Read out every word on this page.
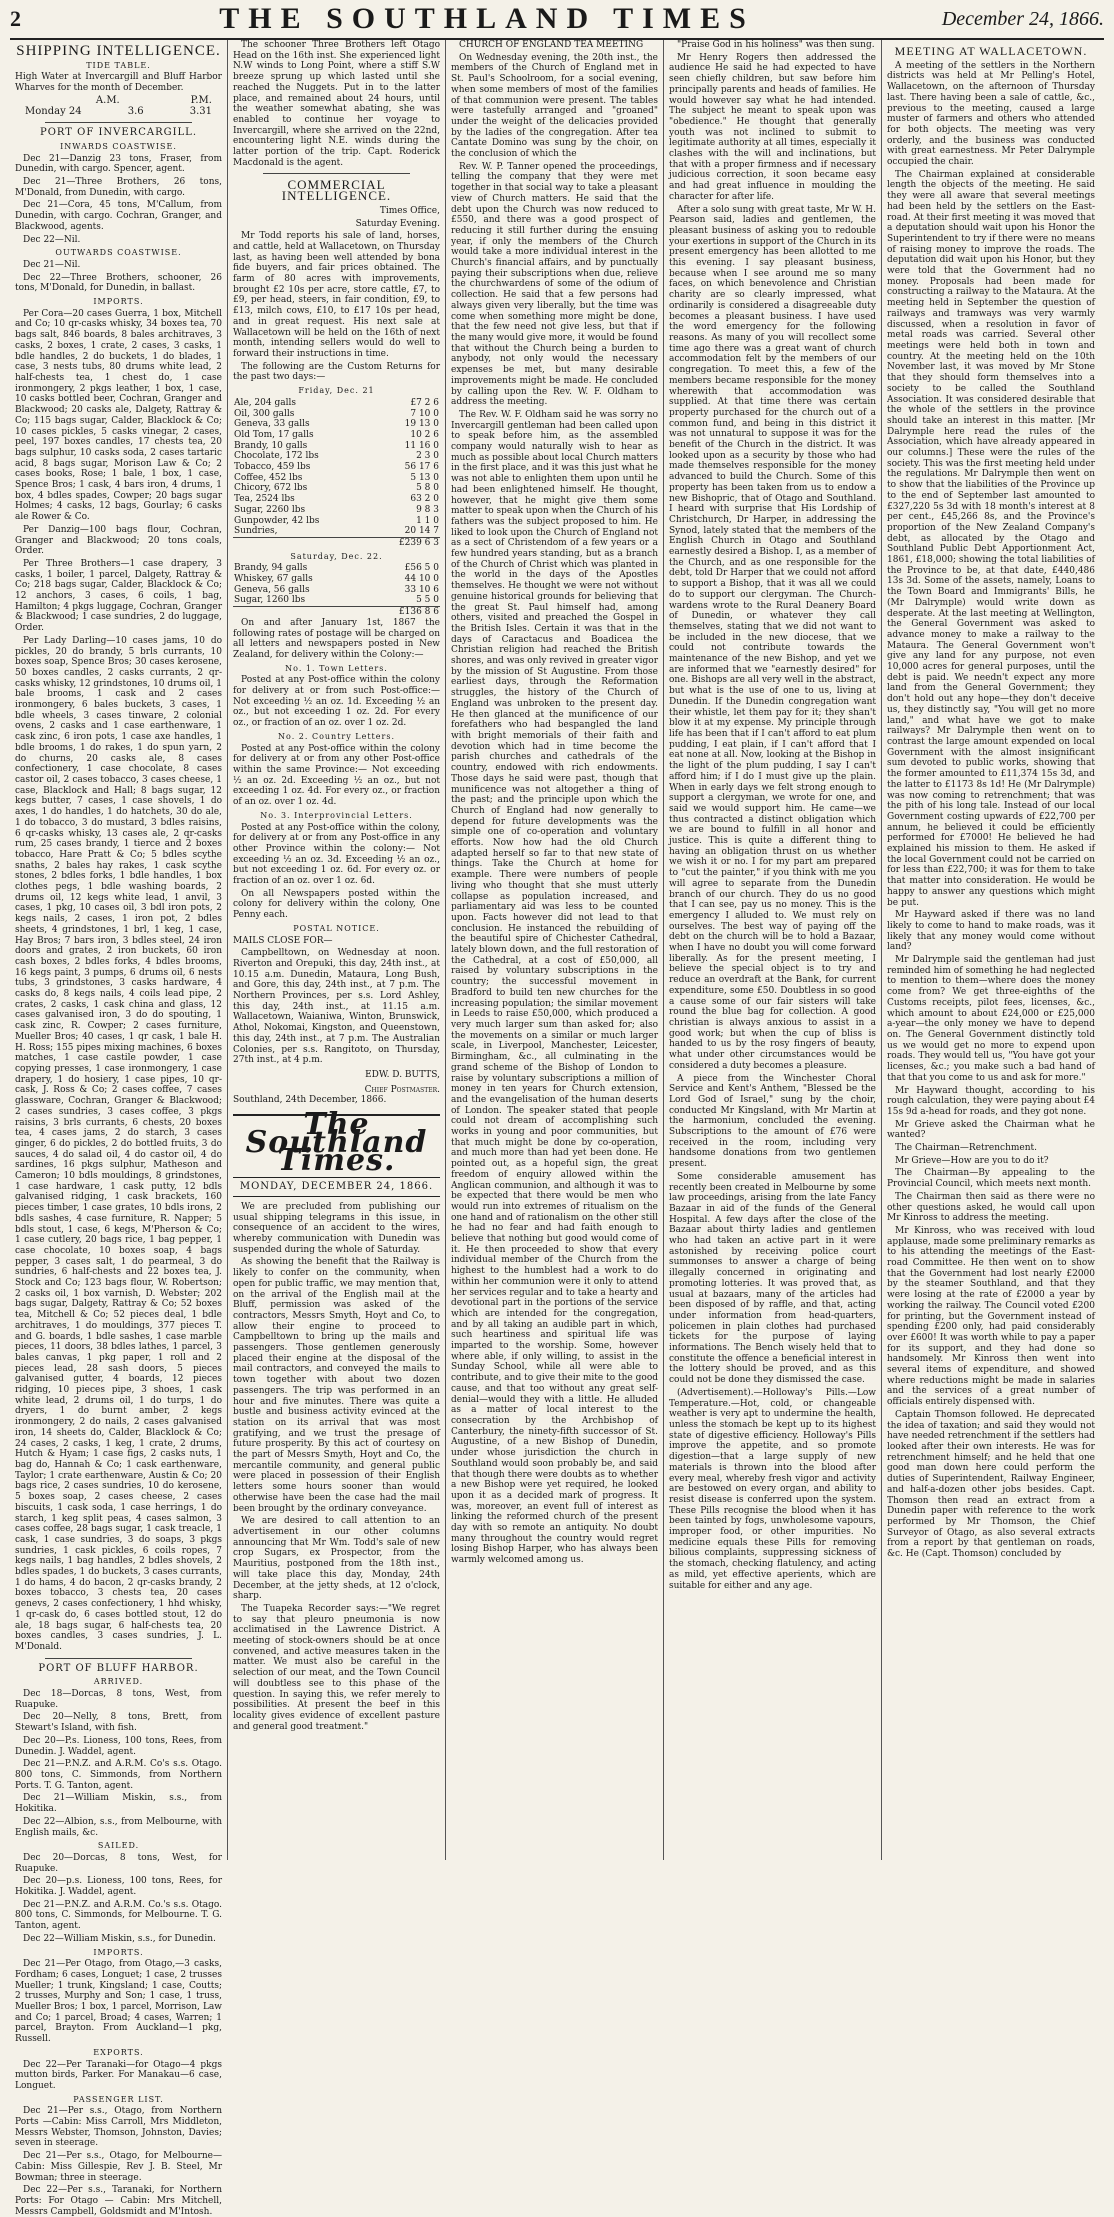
2	THE SOUTHLAND TIMES	December 24, 1866.
SHIPPING INTELLIGENCE.
TIDE TABLE.

High Water at Invercargill and Bluff Harbor Wharves for the month of December.

A.M.	P.M.
Monday 24	3.6	3.31
PORT OF INVERCARGILL.
INWARDS COASTWISE.

Dec 21—Danzig 23 tons, Fraser, from Dunedin, with cargo. Spencer, agent.

Dec 21—Three Brothers, 26 tons, M'Donald, from Dunedin, with cargo.

Dec 21—Cora, 45 tons, M'Callum, from Dunedin, with cargo. Cochran, Granger, and Blackwood, agents.

Dec 22—Nil.

OUTWARDS COASTWISE.

Dec 21—Nil.

Dec 22—Three Brothers, schooner, 26 tons, M'Donald, for Dunedin, in ballast.

IMPORTS.

Per Cora—20 cases Guerra, 1 box, Mitchell and Co; 10 qr-casks whisky, 34 boxes tea, 70 bags salt, 846 boards, 8 bales architraves, 3 casks, 2 boxes, 1 crate, 2 cases, 3 casks, 1 bdle handles, 2 do buckets, 1 do blades, 1 case, 3 nests tubs, 80 drums white lead, 2 half-chests tea, 1 chest do, 1 case ironmongery, 2 pkgs leather, 1 box, 1 case, 10 casks bottled beer, Cochran, Granger and Blackwood; 20 casks ale, Dalgety, Rattray & Co; 115 bags sugar, Calder, Blacklock & Co; 10 cases pickles, 5 casks vinegar, 2 cases, peel, 197 boxes candles, 17 chests tea, 20 bags sulphur, 10 casks soda, 2 cases tartaric acid, 8 bags sugar, Morison Law & Co; 2 cases books, Rose; 1 bale, 1 box, 1 case, Spence Bros; 1 cask, 4 bars iron, 4 drums, 1 box, 4 bdles spades, Cowper; 20 bags sugar Holmes; 4 casks, 12 bags, Gourlay; 6 casks ale Rower & Co.

Per Danzig—100 bags flour, Cochran, Granger and Blackwood; 20 tons coals, Order.

Per Three Brothers—1 case drapery, 3 casks, 1 boiler, 1 parcel, Dalgety, Rattray & Co; 218 bags sugar, Calder, Blacklock & Co; 12 anchors, 3 cases, 6 coils, 1 bag, Hamilton; 4 pkgs luggage, Cochran, Granger & Blackwood; 1 case sundries, 2 do luggage, Order.

Per Lady Darling—10 cases jams, 10 do pickles, 20 do brandy, 5 brls currants, 10 boxes soap, Spence Bros; 30 cases kerosene, 50 boxes candles, 2 casks currants, 2 qr-casks whisky, 12 grindstones, 10 drums oil, 1 bale brooms, 1 cask and 2 cases ironmongery, 6 bales buckets, 3 cases, 1 bdle wheels, 3 cases tinware, 2 colonial ovens, 2 casks and 1 case earthenware, 1 cask zinc, 6 iron pots, 1 case axe handles, 1 bdle brooms, 1 do rakes, 1 do spun yarn, 2 do churns, 20 casks ale, 8 cases confectionery, 1 case chocolate, 8 cases castor oil, 2 cases tobacco, 3 cases cheese, 1 case, Blacklock and Hall; 8 bags sugar, 12 kegs butter, 7 cases, 1 case shovels, 1 do axes, 1 do handles, 1 do hatchets, 30 do ale, 1 do tobacco, 3 do mustard, 3 bdles raisins, 6 qr-casks whisky, 13 cases ale, 2 qr-casks rum, 25 cases brandy, 1 tierce and 2 boxes tobacco, Hare Pratt & Co; 5 bdles scythe snaths, 2 bales hay rakes, 1 cask scythe stones, 2 bdles forks, 1 bdle handles, 1 box clothes pegs, 1 bdle washing boards, 2 drums oil, 12 kegs white lead, 1 anvil, 3 cases, 1 pkg, 10 cases oil, 3 bdl iron pots, 2 kegs nails, 2 cases, 1 iron pot, 2 bdles sheets, 4 grindstones, 1 brl, 1 keg, 1 case, Hay Bros; 7 bars iron, 3 bdles steel, 24 iron doors and grates, 2 iron buckets, 60 iron cash boxes, 2 bdles forks, 4 bdles brooms, 16 kegs paint, 3 pumps, 6 drums oil, 6 nests tubs, 3 grindstones, 3 casks hardware, 4 casks do, 8 kegs nails, 4 coils lead pipe, 2 crates, 2 casks, 1 cask china and glass, 12 cases galvanised iron, 3 do do spouting, 1 cask zinc, R. Cowper; 2 cases furniture, Mueller Bros; 40 cases, 1 qr cask, 1 bale H. H. Ross; 155 pipes mixing machines, 6 boxes matches, 1 case castile powder, 1 case copying presses, 1 case ironmongery, 1 case drapery, 1 do hosiery, 1 case pipes, 10 qr-cask, J. Ross & Co; 2 cases coffee, 7 cases glassware, Cochran, Granger & Blackwood; 2 cases sundries, 3 cases coffee, 3 pkgs raisins, 3 brls currants, 6 chests, 20 boxes tea, 4 cases jams, 2 do starch, 3 cases ginger, 6 do pickles, 2 do bottled fruits, 3 do sauces, 4 do salad oil, 4 do castor oil, 4 do sardines, 16 pkgs sulphur, Matheson and Cameron; 10 bdls mouldings, 8 grindstones, 1 case hardware, 1 cask putty, 12 bdls galvanised ridging, 1 cask brackets, 160 pieces timber, 1 case grates, 10 bdls irons, 2 bdls sashes, 4 case furniture, R. Napper; 5 bdls stout, 1 case, 6 kegs, M'Pherson & Co; 1 case cutlery, 20 bags rice, 1 bag pepper, 1 case chocolate, 10 boxes soap, 4 bags pepper, 3 cases salt, 1 do pearmeal, 3 do sundries, 6 half-chests and 22 boxes tea, J. Stock and Co; 123 bags flour, W. Robertson; 2 casks oil, 1 box varnish, D. Webster; 202 bags sugar, Dalgety, Rattray & Co; 52 boxes tea, Mitchell & Co; 52 pieces deal, 1 bdle architraves, 1 do mouldings, 377 pieces T. and G. boards, 1 bdle sashes, 1 case marble pieces, 11 doors, 38 bdles lathes, 1 parcel, 3 bales canvas, 1 pkg paper, 1 roll and 2 pieces lead, 28 sash doors, 5 pieces galvanised gutter, 4 boards, 12 pieces ridging, 10 pieces pipe, 3 shoes, 1 cask white lead, 2 drums oil, 1 do turps, 1 do dryers, 1 do burnt amber, 2 kegs ironmongery, 2 do nails, 2 cases galvanised iron, 14 sheets do, Calder, Blacklock & Co; 24 cases, 2 casks, 1 keg, 1 crate, 2 drums, Hutch & Hyam; 1 case figs, 2 casks nuts, 1 bag do, Hannah & Co; 1 cask earthenware, Taylor; 1 crate earthenware, Austin & Co; 20 bags rice, 2 cases sundries, 10 do kerosene, 5 boxes soap, 2 cases cheese, 2 cases biscuits, 1 cask soda, 1 case herrings, 1 do starch, 1 keg split peas, 4 cases salmon, 3 cases coffee, 28 bags sugar, 1 cask treacle, 1 cask, 1 case sundries, 3 do soaps, 3 pkgs sundries, 1 cask pickles, 6 coils ropes, 7 kegs nails, 1 bag handles, 2 bdles shovels, 2 bdles spades, 1 do buckets, 3 cases currants, 1 do hams, 4 do bacon, 2 qr-casks brandy, 2 boxes tobacco, 3 chests tea, 20 cases genevs, 2 cases confectionery, 1 hhd whisky, 1 qr-cask do, 6 cases bottled stout, 12 do ale, 18 bags sugar, 6 half-chests tea, 20 boxes candles, 3 cases sundries, J. L. M'Donald.

PORT OF BLUFF HARBOR.
ARRIVED.

Dec 18—Dorcas, 8 tons, West, from Ruapuke.

Dec 20—Nelly, 8 tons, Brett, from Stewart's Island, with fish.

Dec 20—P.s. Lioness, 100 tons, Rees, from Dunedin. J. Waddel, agent.

Dec 21—P.N.Z. and A.R.M. Co's s.s. Otago. 800 tons, C. Simmonds, from Northern Ports. T. G. Tanton, agent.

Dec 21—William Miskin, s.s., from Hokitika.

Dec 22—Albion, s.s., from Melbourne, with English mails, &c.

SAILED.

Dec 20—Dorcas, 8 tons, West, for Ruapuke.

Dec 20—p.s. Lioness, 100 tons, Rees, for Hokitika. J. Waddel, agent.

Dec 21—P.N.Z. and A.R.M. Co.'s s.s. Otago. 800 tons, C. Simmonds, for Melbourne. T. G. Tanton, agent.

Dec 22—William Miskin, s.s., for Dunedin.

IMPORTS.

Dec 21—Per Otago, from Otago,—3 casks, Fordham; 6 cases, Longuet; 1 case, 2 trusses Mueller; 1 trunk, Kingsland; 1 case, Coutts; 2 trusses, Murphy and Son; 1 case, 1 truss, Mueller Bros; 1 box, 1 parcel, Morrison, Law and Co; 1 parcel, Broad; 4 cases, Warren; 1 parcel, Brayton. From Auckland—1 pkg, Russell.

EXPORTS.

Dec 22—Per Taranaki—for Otago—4 pkgs mutton birds, Parker. For Manakau—6 case, Longuet.

PASSENGER LIST.

Dec 21—Per s.s., Otago, from Northern Ports —Cabin: Miss Carroll, Mrs Middleton, Messrs Webster, Thomson, Johnston, Davies; seven in steerage.

Dec 21—Per s.s., Otago, for Melbourne—Cabin: Miss Gillespie, Rev J. B. Steel, Mr Bowman; three in steerage.

Dec 22—Per s.s., Taranaki, for Northern Ports: For Otago — Cabin: Mrs Mitchell, Messrs Campbell, Goldsmidt and M'Intosh.

The schooner Three Brothers left Otago Head on the 16th inst. She experienced light N.W winds to Long Point, where a stiff S.W breeze sprung up which lasted until she reached the Nuggets. Put in to the latter place, and remained about 24 hours, until the weather somewhat abating, she was enabled to continue her voyage to Invercargill, where she arrived on the 22nd, encountering light N.E. winds during the latter portion of the trip. Capt. Roderick Macdonald is the agent.

COMMERCIAL INTELLIGENCE.

Times Office,

Saturday Evening.

Mr Todd reports his sale of land, horses, and cattle, held at Wallacetown, on Thursday last, as having been well attended by bona fide buyers, and fair prices obtained. The farm of 80 acres with improvements, brought £2 10s per acre, store cattle, £7, to £9, per head, steers, in fair condition, £9, to £13, milch cows, £10, to £17 10s per head, and in great request. His next sale at Wallacetown will be held on the 16th of next month, intending sellers would do well to forward their instructions in time.

The following are the Custom Returns for the past two days:—

Friday, Dec. 21
Ale, 204 galls	£7 2 6
Oil, 300 galls	7 10 0
Geneva, 33 galls	19 13 0
Old Tom, 17 galls	10 2 6
Brandy, 10 galls	11 16 0
Chocolate, 172 lbs	2 3 0
Tobacco, 459 lbs	56 17 6
Coffee, 452 lbs	5 13 0
Chicory, 672 lbs	5 8 0
Tea, 2524 lbs	63 2 0
Sugar, 2260 lbs	9 8 3
Gunpowder, 42 lbs	1 1 0
Sundries,	20 14 7
	£239 6 3
Saturday, Dec. 22.
Brandy, 94 galls	£56 5 0
Whiskey, 67 galls	44 10 0
Geneva, 56 galls	33 10 6
Sugar, 1260 lbs	5 5 0
	£136 8 6

On and after January 1st, 1867 the following rates of postage will be charged on all letters and newspapers posted in New Zealand, for delivery within the Colony:—

No. 1. Town Letters.

Posted at any Post-office within the colony for delivery at or from such Post-office:— Not exceeding ½ an oz. 1d. Exceeding ½ an oz., but not exceeding 1 oz. 2d. For every oz., or fraction of an oz. over 1 oz. 2d.

No. 2. Country Letters.

Posted at any Post-office within the colony for delivery at or from any other Post-office within the same Province:— Not exceeding ½ an oz. 2d. Exceeding ½ an oz., but not exceeding 1 oz. 4d. For every oz., or fraction of an oz. over 1 oz. 4d.

No. 3. Interprovincial Letters.

Posted at any Post-office within the colony, for delivery at or from any Post-office in any other Province within the colony:— Not exceeding ½ an oz. 3d. Exceeding ½ an oz., but not exceeding 1 oz. 6d. For every oz. or fraction of an oz. over 1 oz. 6d.

On all Newspapers posted within the colony for delivery within the colony, One Penny each.

POSTAL NOTICE.

MAILS CLOSE FOR—

Campbelltown, on Wednesday at noon. Riverton and Orepuki, this day, 24th inst., at 10.15 a.m. Dunedin, Mataura, Long Bush, and Gore, this day, 24th inst., at 7 p.m. The Northern Provinces, per s.s. Lord Ashley, this day, 24th inst., at 11.15 a.m. Wallacetown, Waianiwa, Winton, Brunswick, Athol, Nokomai, Kingston, and Queenstown, this day, 24th inst., at 7 p.m. The Australian Colonies, per s.s. Rangitoto, on Thursday, 27th inst., at 4 p.m.

EDW. D. BUTTS,
Chief Postmaster.

Southland, 24th December, 1866.

The Southland Times.
MONDAY, DECEMBER 24, 1866.

We are precluded from publishing our usual shipping telegrams in this issue, in consequence of an accident to the wires, whereby communication with Dunedin was suspended during the whole of Saturday.

As showing the benefit that the Railway is likely to confer on the community, when open for public traffic, we may mention that, on the arrival of the English mail at the Bluff, permission was asked of the contractors, Messrs Smyth, Hoyt and Co, to allow their engine to proceed to Campbelltown to bring up the mails and passengers. Those gentlemen generously placed their engine at the disposal of the mail contractors, and conveyed the mails to town together with about two dozen passengers. The trip was performed in an hour and five minutes. There was quite a bustle and business activity evinced at the station on its arrival that was most gratifying, and we trust the presage of future prosperity. By this act of courtesy on the part of Messrs Smyth, Hoyt and Co, the mercantile community, and general public were placed in possession of their English letters some hours sooner than would otherwise have been the case had the mail been brought by the ordinary conveyance.

We are desired to call attention to an advertisement in our other columns announcing that Mr Wm. Todd's sale of new crop Sugars, ex Prospector, from the Mauritius, postponed from the 18th inst., will take place this day, Monday, 24th December, at the jetty sheds, at 12 o'clock, sharp.

The Tuapeka Recorder says:—"We regret to say that pleuro pneumonia is now acclimatised in the Lawrence District. A meeting of stock-owners should be at once convened, and active measures taken in the matter. We must also be careful in the selection of our meat, and the Town Council will doubtless see to this phase of the question. In saying this, we refer merely to possibilities. At present the beef in this locality gives evidence of excellent pasture and general good treatment."

CHURCH OF ENGLAND TEA MEETING

On Wednesday evening, the 20th inst., the members of the Church of England met in St. Paul's Schoolroom, for a social evening, when some members of most of the families of that communion were present. The tables were tastefully arranged and "groaned" under the weight of the delicacies provided by the ladies of the congregation. After tea Cantate Domino was sung by the choir, on the conclusion of which the

Rev. W. P. Tanner opened the proceedings, telling the company that they were met together in that social way to take a pleasant view of Church matters. He said that the debt upon the Church was now reduced to £550, and there was a good prospect of reducing it still further during the ensuing year, if only the members of the Church would take a more individual interest in the Church's financial affairs, and by punctually paying their subscriptions when due, relieve the churchwardens of some of the odium of collection. He said that a few persons had always given very liberally, but the time was come when something more might be done, that the few need not give less, but that if the many would give more, it would be found that without the Church being a burden to anybody, not only would the necessary expenses be met, but many desirable improvements might be made. He concluded by calling upon the Rev. W. F. Oldham to address the meeting.

The Rev. W. F. Oldham said he was sorry no Invercargill gentleman had been called upon to speak before him, as the assembled company would naturally wish to hear as much as possible about local Church matters in the first place, and it was this just what he was not able to enlighten them upon until he had been enlightened himself. He thought, however, that he might give them some matter to speak upon when the Church of his fathers was the subject proposed to him. He liked to look upon the Church of England not as a sect of Christendom of a few years or a few hundred years standing, but as a branch of the Church of Christ which was planted in the world in the days of the Apostles themselves. He thought we were not without genuine historical grounds for believing that the great St. Paul himself had, among others, visited and preached the Gospel in the British Isles. Certain it was that in the days of Caractacus and Boadicea the Christian religion had reached the British shores, and was only revived in greater vigor by the mission of St Augustine. From those earliest days, through the Reformation struggles, the history of the Church of England was unbroken to the present day. He then glanced at the munificence of our forefathers who had bespangled the land with bright memorials of their faith and devotion which had in time become the parish churches and cathedrals of the country, endowed with rich endowments. Those days he said were past, though that munificence was not altogether a thing of the past; and the principle upon which the Church of England had now generally to depend for future developments was the simple one of co-operation and voluntary efforts. Now how had the old Church adapted herself so far to that new state of things. Take the Church at home for example. There were numbers of people living who thought that she must utterly collapse as population increased, and parliamentary aid was less to be counted upon. Facts however did not lead to that conclusion. He instanced the rebuilding of the beautiful spire of Chichester Cathedral, lately blown down, and the full restoration of the Cathedral, at a cost of £50,000, all raised by voluntary subscriptions in the country; the successful movement in Bradford to build ten new churches for the increasing population; the similar movement in Leeds to raise £50,000, which produced a very much larger sum than asked for; also the movements on a similar or much larger scale, in Liverpool, Manchester, Leicester, Birmingham, &c., all culminating in the grand scheme of the Bishop of London to raise by voluntary subscriptions a million of money in ten years for Church extension, and the evangelisation of the human deserts of London. The speaker stated that people could not dream of accomplishing such works in young and poor communities, but that much might be done by co-operation, and much more than had yet been done. He pointed out, as a hopeful sign, the great freedom of enquiry allowed within the Anglican communion, and although it was to be expected that there would be men who would run into extremes of ritualism on the one hand and of rationalism on the other still he had no fear and had faith enough to believe that nothing but good would come of it. He then proceeded to show that every individual member of the Church from the highest to the humblest had a work to do within her communion were it only to attend her services regular and to take a hearty and devotional part in the portions of the service which are intended for the congregation, and by all taking an audible part in which, such heartiness and spiritual life was imparted to the worship. Some, however where able, if only willing, to assist in the Sunday School, while all were able to contribute, and to give their mite to the good cause, and that too without any great self-denial—would they with a little. He alluded as a matter of local interest to the consecration by the Archbishop of Canterbury, the ninety-fifth successor of St. Augustine, of a new Bishop of Dunedin, under whose jurisdiction the church in Southland would soon probably be, and said that though there were doubts as to whether a new Bishop were yet required, he looked upon it as a decided mark of progress. It was, moreover, an event full of interest as linking the reformed church of the present day with so remote an antiquity. No doubt many throughout the country would regret losing Bishop Harper, who has always been warmly welcomed among us.

"Praise God in his holiness" was then sung.

Mr Henry Rogers then addressed the audience He said he had expected to have seen chiefly children, but saw before him principally parents and heads of families. He would however say what he had intended. The subject he meant to speak upon was "obedience." He thought that generally youth was not inclined to submit to legitimate authority at all times, especially it clashes with the will and inclinations, but that with a proper firmness and if necessary judicious correction, it soon became easy and had great influence in moulding the character for after life.

After a solo sung with great taste, Mr W. H. Pearson said, ladies and gentlemen, the pleasant business of asking you to redouble your exertions in support of the Church in its present emergency has been allotted to me this evening. I say pleasant business, because when I see around me so many faces, on which benevolence and Christian charity are so clearly impressed, what ordinarily is considered a disagreeable duty becomes a pleasant business. I have used the word emergency for the following reasons. As many of you will recollect some time ago there was a great want of church accommodation felt by the members of our congregation. To meet this, a few of the members became responsible for the money wherewith that accommodation was supplied. At that time there was certain property purchased for the church out of a common fund, and being in this district it was not unnatural to suppose it was for the benefit of the Church in the district. It was looked upon as a security by those who had made themselves responsible for the money advanced to build the Church. Some of this property has been taken from us to endow a new Bishopric, that of Otago and Southland. I heard with surprise that His Lordship of Christchurch, Dr Harper, in addressing the Synod, lately stated that the members of the English Church in Otago and Southland earnestly desired a Bishop. I, as a member of the Church, and as one responsible for the debt, told Dr Harper that we could not afford to support a Bishop, that it was all we could do to support our clergyman. The Church-wardens wrote to the Rural Deanery Board of Dunedin, or whatever they call themselves, stating that we did not want to be included in the new diocese, that we could not contribute towards the maintenance of the new Bishop, and yet we are informed that we "earnestly desired" for one. Bishops are all very well in the abstract, but what is the use of one to us, living at Dunedin. If the Dunedin congregation want their whistle, let them pay for it; they shan't blow it at my expense. My principle through life has been that if I can't afford to eat plum pudding, I eat plain, if I can't afford that I eat none at all. Now, looking at the Bishop in the light of the plum pudding, I say I can't afford him; if I do I must give up the plain. When in early days we felt strong enough to support a clergyman, we wrote for one, and said we would support him. He came—we thus contracted a distinct obligation which we are bound to fulfill in all honor and justice. This is quite a different thing to having an obligation thrust on us whether we wish it or no. I for my part am prepared to "cut the painter," if you think with me you will agree to separate from the Dunedin branch of our church. They do us no good that I can see, pay us no money. This is the emergency I alluded to. We must rely on ourselves. The best way of paying off the debt on the church will be to hold a Bazaar, when I have no doubt you will come forward liberally. As for the present meeting, I believe the special object is to try and reduce an overdraft at the Bank, for current expenditure, some £50. Doubtless in so good a cause some of our fair sisters will take round the blue bag for collection. A good christian is always anxious to assist in a good work; but when the cup of bliss is handed to us by the rosy fingers of beauty, what under other circumstances would be considered a duty becomes a pleasure.

A piece from the Winchester Choral Service and Kent's Anthem, "Blessed be the Lord God of Israel," sung by the choir, conducted Mr Kingsland, with Mr Martin at the harmonium, concluded the evening. Subscriptions to the amount of £76 were received in the room, including very handsome donations from two gentlemen present.

Some considerable amusement has recently been created in Melbourne by some law proceedings, arising from the late Fancy Bazaar in aid of the funds of the General Hospital. A few days after the close of the Bazaar about thirty ladies and gentlemen who had taken an active part in it were astonished by receiving police court summonses to answer a charge of being illegally concerned in originating and promoting lotteries. It was proved that, as usual at bazaars, many of the articles had been disposed of by raffle, and that, acting under information from head-quarters, policemen in plain clothes had purchased tickets for the purpose of laying informations. The Bench wisely held that to constitute the offence a beneficial interest in the lottery should be proved, and as this could not be done they dismissed the case.

(Advertisement).—Holloway's Pills.—Low Temperature.—Hot, cold, or changeable weather is very apt to undermine the health, unless the stomach be kept up to its highest state of digestive efficiency. Holloway's Pills improve the appetite, and so promote digestion—that a large supply of new materials is thrown into the blood after every meal, whereby fresh vigor and activity are bestowed on every organ, and ability to resist disease is conferred upon the system. These Pills recognise the blood when it has been tainted by fogs, unwholesome vapours, improper food, or other impurities. No medicine equals these Pills for removing bilious complaints, suppressing sickness of the stomach, checking flatulency, and acting as mild, yet effective aperients, which are suitable for either and any age.

MEETING AT WALLACETOWN.

A meeting of the settlers in the Northern districts was held at Mr Pelling's Hotel, Wallacetown, on the afternoon of Thursday last. There having been a sale of cattle, &c., previous to the meeting, caused a large muster of farmers and others who attended for both objects. The meeting was very orderly, and the business was conducted with great earnestness. Mr Peter Dalrymple occupied the chair.

The Chairman explained at considerable length the objects of the meeting. He said they were all aware that several meetings had been held by the settlers on the East-road. At their first meeting it was moved that a deputation should wait upon his Honor the Superintendent to try if there were no means of raising money to improve the roads. The deputation did wait upon his Honor, but they were told that the Government had no money. Proposals had been made for constructing a railway to the Mataura. At the meeting held in September the question of railways and tramways was very warmly discussed, when a resolution in favor of metal roads was carried. Several other meetings were held both in town and country. At the meeting held on the 10th November last, it was moved by Mr Stone that they should form themselves into a society to be called the Southland Association. It was considered desirable that the whole of the settlers in the province should take an interest in this matter. [Mr Dalrymple here read the rules of the Association, which have already appeared in our columns.] These were the rules of the society. This was the first meeting held under the regulations. Mr Dalrymple then went on to show that the liabilities of the Province up to the end of September last amounted to £327,220 5s 3d with 18 month's interest at 8 per cent., £45,266 8s, and the Province's proportion of the New Zealand Company's debt, as allocated by the Otago and Southland Public Debt Apportionment Act, 1861, £18,000; showing the total liabilities of the Province to be, at that date, £440,486 13s 3d. Some of the assets, namely, Loans to the Town Board and Immigrants' Bills, he (Mr Dalrymple) would write down as desperate. At the last meeting at Wellington, the General Government was asked to advance money to make a railway to the Mataura. The General Government won't give any land for any purpose, not even 10,000 acres for general purposes, until the debt is paid. We needn't expect any more land from the General Government; they don't hold out any hope—they don't deceive us, they distinctly say, "You will get no more land," and what have we got to make railways? Mr Dalrymple then went on to contrast the large amount expended on local Government with the almost insignificant sum devoted to public works, showing that the former amounted to £11,374 15s 3d, and the latter to £1173 8s 1d! He (Mr Dalrymple) was now coming to retrenchment; that was the pith of his long tale. Instead of our local Government costing upwards of £22,700 per annum, he believed it could be efficiently performed for £7000! He believed he had explained his mission to them. He asked if the local Government could not be carried on for less than £22,700; it was for them to take that matter into consideration. He would be happy to answer any questions which might be put.

Mr Hayward asked if there was no land likely to come to hand to make roads, was it likely that any money would come without land?

Mr Dalrymple said the gentleman had just reminded him of something he had neglected to mention to them—where does the money come from? We get three-eighths of the Customs receipts, pilot fees, licenses, &c., which amount to about £24,000 or £25,000 a-year—the only money we have to depend on. The General Government distinctly told us we would get no more to expend upon roads. They would tell us, "You have got your licenses, &c.; you make such a bad hand of that that you come to us and ask for more."

Mr Hayward thought, according to his rough calculation, they were paying about £4 15s 9d a-head for roads, and they got none.

Mr Grieve asked the Chairman what he wanted?

The Chairman—Retrenchment.

Mr Grieve—How are you to do it?

The Chairman—By appealing to the Provincial Council, which meets next month.

The Chairman then said as there were no other questions asked, he would call upon Mr Kinross to address the meeting.

Mr Kinross, who was received with loud applause, made some preliminary remarks as to his attending the meetings of the East-road Committee. He then went on to show that the Government had lost nearly £2000 by the steamer Southland, and that they were losing at the rate of £2000 a year by working the railway. The Council voted £200 for printing, but the Government instead of spending £200 only, had paid considerably over £600! It was worth while to pay a paper for its support, and they had done so handsomely. Mr Kinross then went into several items of expenditure, and showed where reductions might be made in salaries and the services of a great number of officials entirely dispensed with.

Captain Thomson followed. He deprecated the idea of taxation; and said they would not have needed retrenchment if the settlers had looked after their own interests. He was for retrenchment himself; and he held that one good man down here could perform the duties of Superintendent, Railway Engineer, and half-a-dozen other jobs besides. Capt. Thomson then read an extract from a Dunedin paper with reference to the work performed by Mr Thomson, the Chief Surveyor of Otago, as also several extracts from a report by that gentleman on roads, &c. He (Capt. Thomson) concluded by
